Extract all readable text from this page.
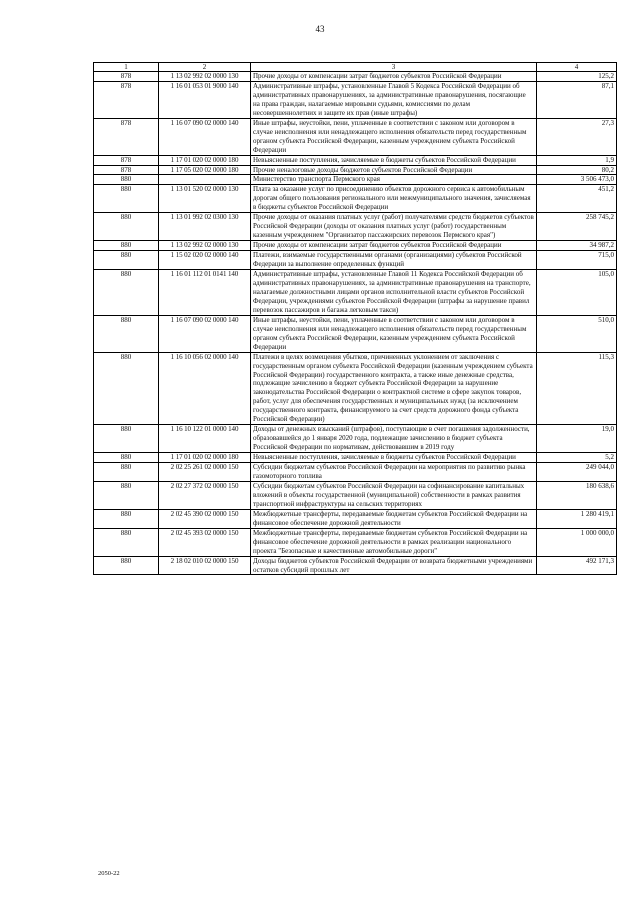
43
1	2	3	4
878	1 13 02 992 02 0000 130	Прочие доходы от компенсации затрат бюджетов субъектов Российской Федерации	125,2
878	1 16 01 053 01 9000 140	Административные штрафы, установленные Главой 5 Кодекса Российской Федерации об административных правонарушениях, за административные правонарушения, посягающие на права граждан, налагаемые мировыми судьями, комиссиями по делам несовершеннолетних и защите их прав (иные штрафы)	87,1
878	1 16 07 090 02 0000 140	Иные штрафы, неустойки, пени, уплаченные в соответствии с законом или договором в случае неисполнения или ненадлежащего исполнения обязательств перед государственным органом субъекта Российской Федерации, казенным учреждением субъекта Российской Федерации	27,3
878	1 17 01 020 02 0000 180	Невыясненные поступления, зачисляемые в бюджеты субъектов Российской Федерации	1,9
878	1 17 05 020 02 0000 180	Прочие неналоговые доходы бюджетов субъектов Российской Федерации	80,2
880		Министерство транспорта Пермского края	3 506 473,0
880	1 13 01 520 02 0000 130	Плата за оказание услуг по присоединению объектов дорожного сервиса к автомобильным дорогам общего пользования регионального или межмуниципального значения, зачисляемая в бюджеты субъектов Российской Федерации	451,2
880	1 13 01 992 02 0300 130	Прочие доходы от оказания платных услуг (работ) получателями средств бюджетов субъектов Российской Федерации (доходы от оказания платных услуг (работ) государственным казенным учреждением "Организатор пассажирских перевозок Пермского края")	258 745,2
880	1 13 02 992 02 0000 130	Прочие доходы от компенсации затрат бюджетов субъектов Российской Федерации	34 987,2
880	1 15 02 020 02 0000 140	Платежи, взимаемые государственными органами (организациями) субъектов Российской Федерации за выполнение определенных функций	715,0
880	1 16 01 112 01 0141 140	Административные штрафы, установленные Главой 11 Кодекса Российской Федерации об административных правонарушениях, за административные правонарушения на транспорте, налагаемые должностными лицами органов исполнительной власти субъектов Российской Федерации, учреждениями субъектов Российской Федерации (штрафы за нарушение правил перевозок пассажиров и багажа легковым такси)	105,0
880	1 16 07 090 02 0000 140	Иные штрафы, неустойки, пени, уплаченные в соответствии с законом или договором в случае неисполнения или ненадлежащего исполнения обязательств перед государственным органом субъекта Российской Федерации, казенным учреждением субъекта Российской Федерации	510,0
880	1 16 10 056 02 0000 140	Платежи в целях возмещения убытков, причиненных уклонением от заключения с государственным органом субъекта Российской Федерации (казенным учреждением субъекта Российской Федерации) государственного контракта, а также иные денежные средства, подлежащие зачислению в бюджет субъекта Российской Федерации за нарушение законодательства Российской Федерации о контрактной системе в сфере закупок товаров, работ, услуг для обеспечения государственных и муниципальных нужд (за исключением государственного контракта, финансируемого за счет средств дорожного фонда субъекта Российской Федерации)	115,3
880	1 16 10 122 01 0000 140	Доходы от денежных взысканий (штрафов), поступающие в счет погашения задолженности, образовавшейся до 1 января 2020 года, подлежащие зачислению в бюджет субъекта Российской Федерации по нормативам, действовавшим в 2019 году	19,0
880	1 17 01 020 02 0000 180	Невыясненные поступления, зачисляемые в бюджеты субъектов Российской Федерации	5,2
880	2 02 25 261 02 0000 150	Субсидии бюджетам субъектов Российской Федерации на мероприятия по развитию рынка газомоторного топлива	249 044,0
880	2 02 27 372 02 0000 150	Субсидии бюджетам субъектов Российской Федерации на софинансирование капитальных вложений в объекты государственной (муниципальной) собственности в рамках развития транспортной инфраструктуры на сельских территориях	180 638,6
880	2 02 45 390 02 0000 150	Межбюджетные трансферты, передаваемые бюджетам субъектов Российской Федерации на финансовое обеспечение дорожной деятельности	1 280 419,1
880	2 02 45 393 02 0000 150	Межбюджетные трансферты, передаваемые бюджетам субъектов Российской Федерации на финансовое обеспечение дорожной деятельности в рамках реализации национального проекта "Безопасные и качественные автомобильные дороги"	1 000 000,0
880	2 18 02 010 02 0000 150	Доходы бюджетов субъектов Российской Федерации от возврата бюджетными учреждениями остатков субсидий прошлых лет	492 171,3
2050-22
